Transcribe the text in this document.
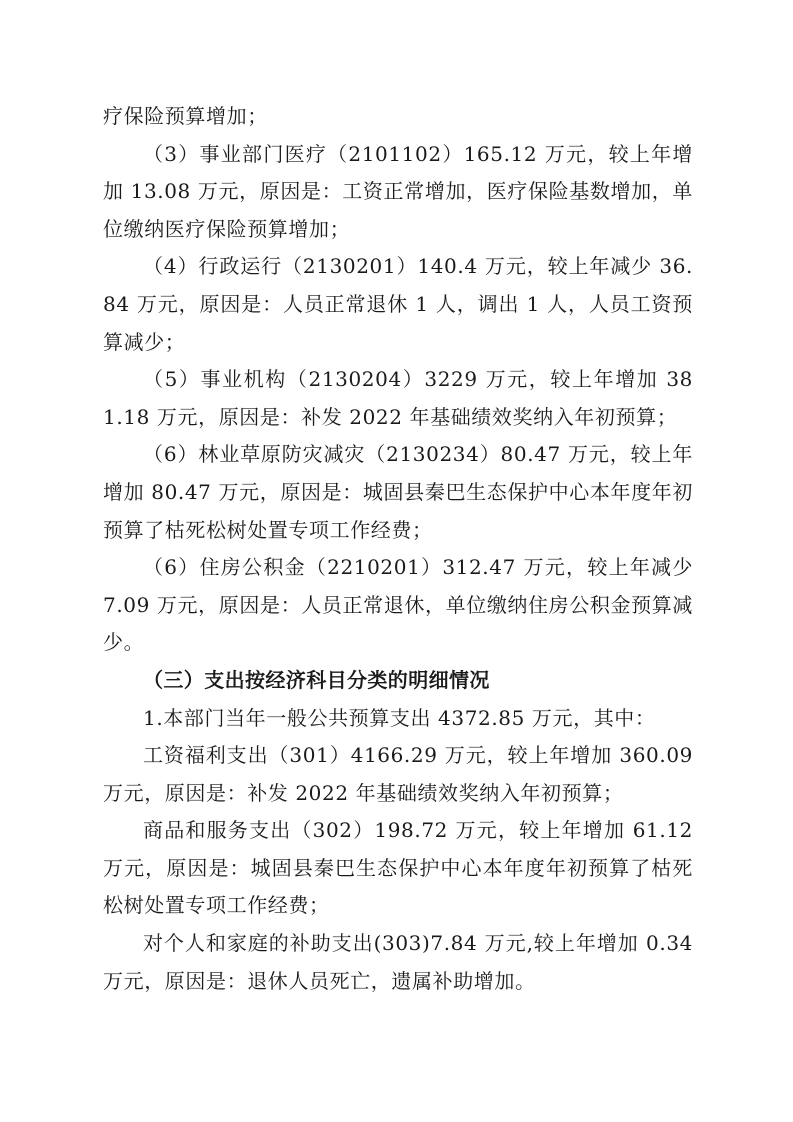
疗保险预算增加；

（3）事业部门医疗（2101102）165.12 万元，较上年增加 13.08 万元，原因是：工资正常增加，医疗保险基数增加，单位缴纳医疗保险预算增加；

（4）行政运行（2130201）140.4 万元，较上年减少 36.84 万元，原因是：人员正常退休 1 人，调出 1 人，人员工资预算减少；

（5）事业机构（2130204）3229 万元，较上年增加 381.18 万元，原因是：补发 2022 年基础绩效奖纳入年初预算；

（6）林业草原防灾减灾（2130234）80.47 万元，较上年增加 80.47 万元，原因是：城固县秦巴生态保护中心本年度年初预算了枯死松树处置专项工作经费；

（6）住房公积金（2210201）312.47 万元，较上年减少 7.09 万元，原因是：人员正常退休，单位缴纳住房公积金预算减少。

（三）支出按经济科目分类的明细情况

1.本部门当年一般公共预算支出 4372.85 万元，其中：

工资福利支出（301）4166.29 万元，较上年增加 360.09 万元，原因是：补发 2022 年基础绩效奖纳入年初预算；

商品和服务支出（302）198.72 万元，较上年增加 61.12 万元，原因是：城固县秦巴生态保护中心本年度年初预算了枯死松树处置专项工作经费；

对个人和家庭的补助支出(303)7.84 万元,较上年增加 0.34 万元，原因是：退休人员死亡，遗属补助增加。
